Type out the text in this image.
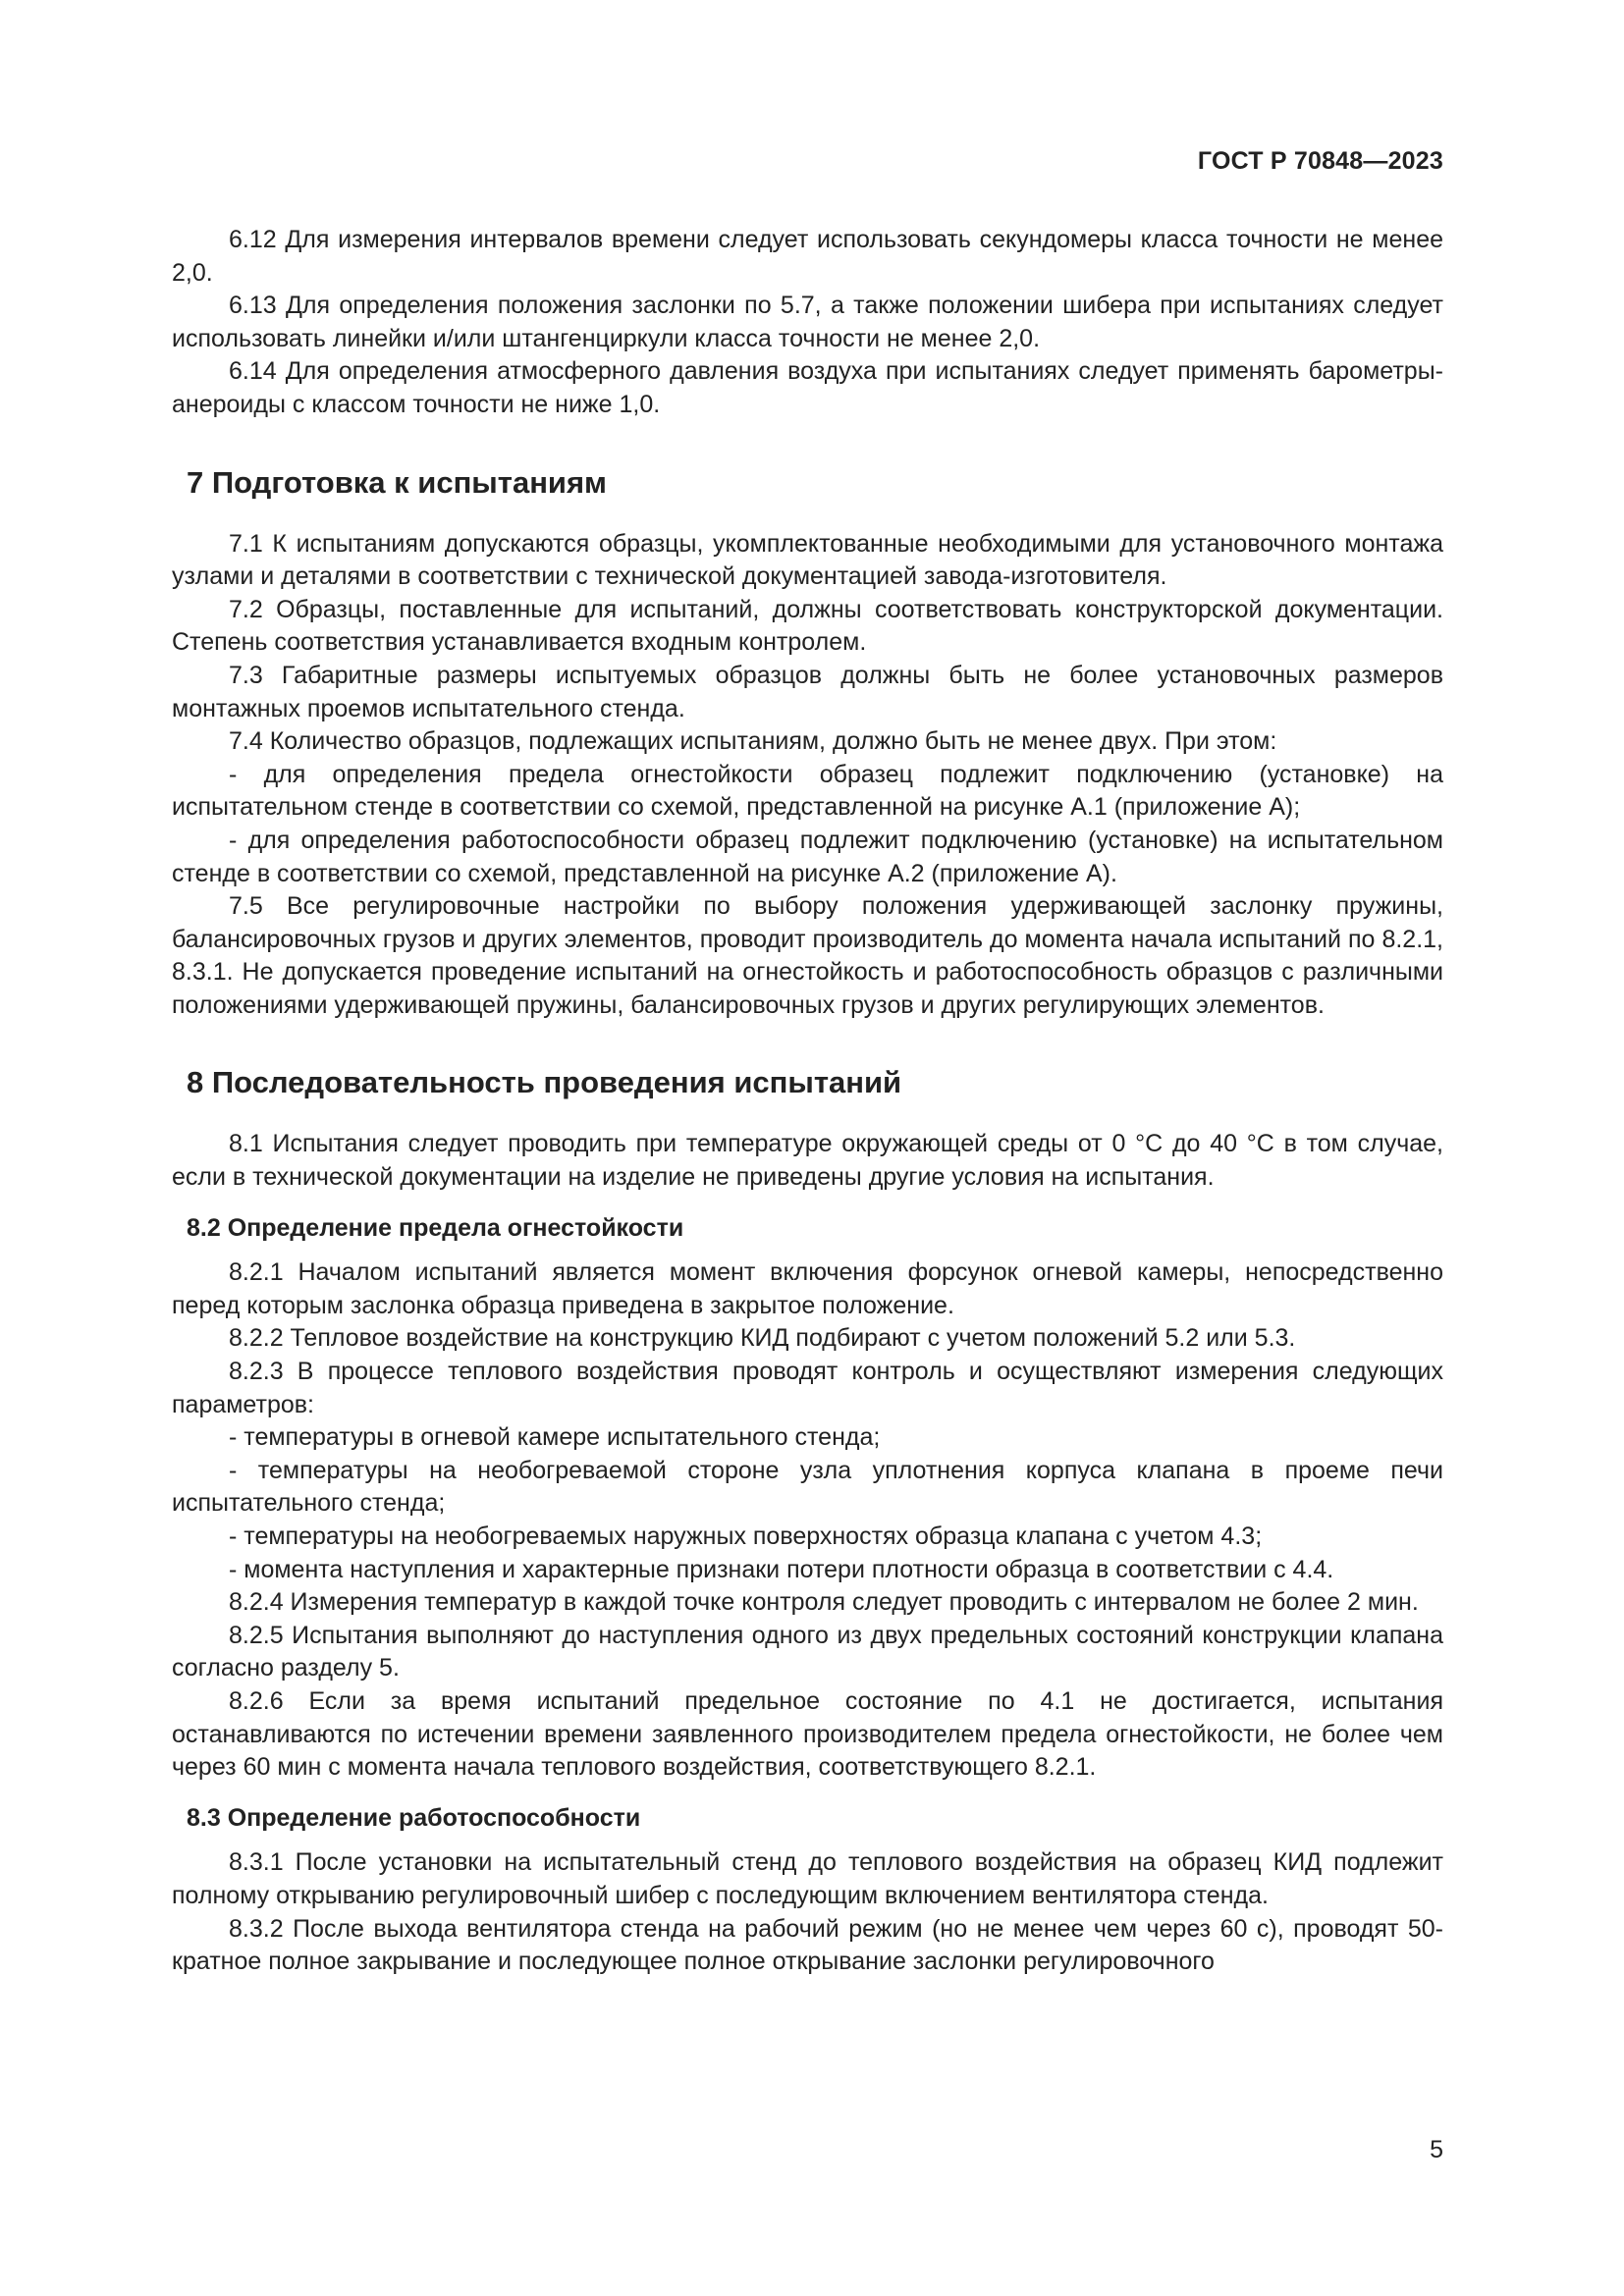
ГОСТ Р 70848—2023

6.12 Для измерения интервалов времени следует использовать секундомеры класса точности не менее 2,0.

6.13 Для определения положения заслонки по 5.7, а также положении шибера при испытаниях следует использовать линейки и/или штангенциркули класса точности не менее 2,0.

6.14 Для определения атмосферного давления воздуха при испытаниях следует применять барометры-анероиды с классом точности не ниже 1,0.

7 Подготовка к испытаниям

7.1 К испытаниям допускаются образцы, укомплектованные необходимыми для установочного монтажа узлами и деталями в соответствии с технической документацией завода-изготовителя.

7.2 Образцы, поставленные для испытаний, должны соответствовать конструкторской документации. Степень соответствия устанавливается входным контролем.

7.3 Габаритные размеры испытуемых образцов должны быть не более установочных размеров монтажных проемов испытательного стенда.

7.4 Количество образцов, подлежащих испытаниям, должно быть не менее двух. При этом:

- для определения предела огнестойкости образец подлежит подключению (установке) на испытательном стенде в соответствии со схемой, представленной на рисунке А.1 (приложение А);

- для определения работоспособности образец подлежит подключению (установке) на испытательном стенде в соответствии со схемой, представленной на рисунке А.2 (приложение А).

7.5 Все регулировочные настройки по выбору положения удерживающей заслонку пружины, балансировочных грузов и других элементов, проводит производитель до момента начала испытаний по 8.2.1, 8.3.1. Не допускается проведение испытаний на огнестойкость и работоспособность образцов с различными положениями удерживающей пружины, балансировочных грузов и других регулирующих элементов.

8 Последовательность проведения испытаний

8.1 Испытания следует проводить при температуре окружающей среды от 0 °С до 40 °С в том случае, если в технической документации на изделие не приведены другие условия на испытания.

8.2 Определение предела огнестойкости

8.2.1 Началом испытаний является момент включения форсунок огневой камеры, непосредственно перед которым заслонка образца приведена в закрытое положение.

8.2.2 Тепловое воздействие на конструкцию КИД подбирают с учетом положений 5.2 или 5.3.

8.2.3 В процессе теплового воздействия проводят контроль и осуществляют измерения следующих параметров:

- температуры в огневой камере испытательного стенда;

- температуры на необогреваемой стороне узла уплотнения корпуса клапана в проеме печи испытательного стенда;

- температуры на необогреваемых наружных поверхностях образца клапана с учетом 4.3;

- момента наступления и характерные признаки потери плотности образца в соответствии с 4.4.

8.2.4 Измерения температур в каждой точке контроля следует проводить с интервалом не более 2 мин.

8.2.5 Испытания выполняют до наступления одного из двух предельных состояний конструкции клапана согласно разделу 5.

8.2.6 Если за время испытаний предельное состояние по 4.1 не достигается, испытания останавливаются по истечении времени заявленного производителем предела огнестойкости, не более чем через 60 мин с момента начала теплового воздействия, соответствующего 8.2.1.

8.3 Определение работоспособности

8.3.1 После установки на испытательный стенд до теплового воздействия на образец КИД подлежит полному открыванию регулировочный шибер с последующим включением вентилятора стенда.

8.3.2 После выхода вентилятора стенда на рабочий режим (но не менее чем через 60 с), проводят 50-кратное полное закрывание и последующее полное открывание заслонки регулировочного

5
